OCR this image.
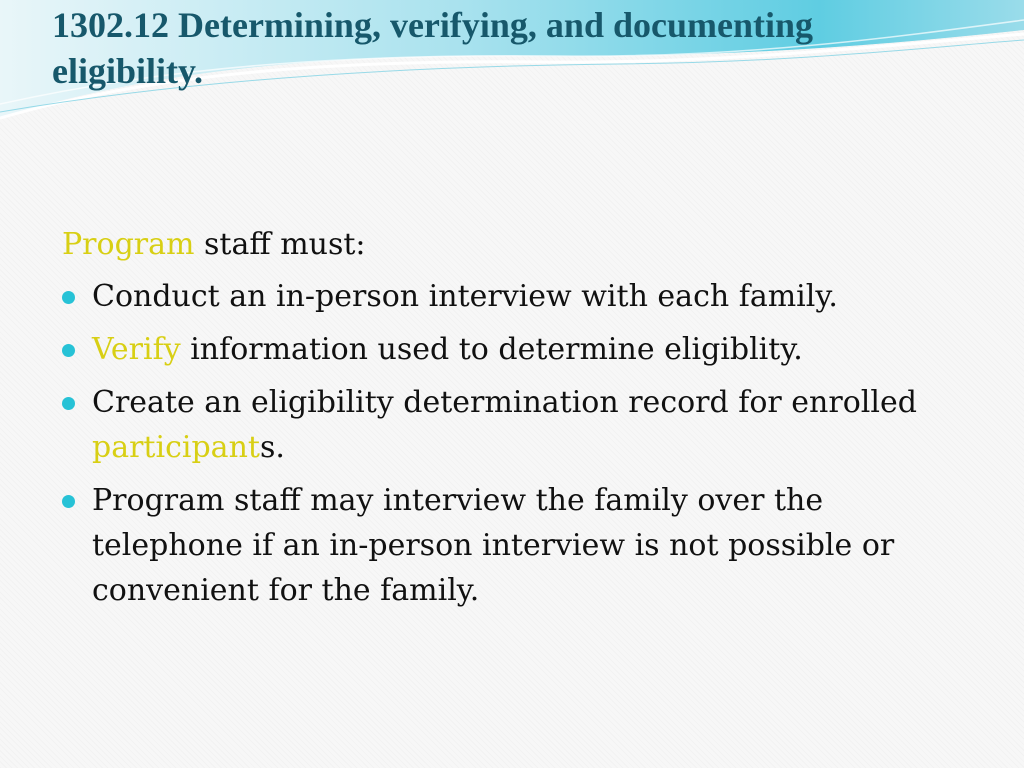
1302.12 Determining, verifying, and documenting eligibility.

Program staff must:

Conduct an in-person interview with each family.
Verify information used to determine eligiblity.
Create an eligibility determination record for enrolled participants.
Program staff may interview the family over the telephone if an in-person interview is not possible or convenient for the family.
